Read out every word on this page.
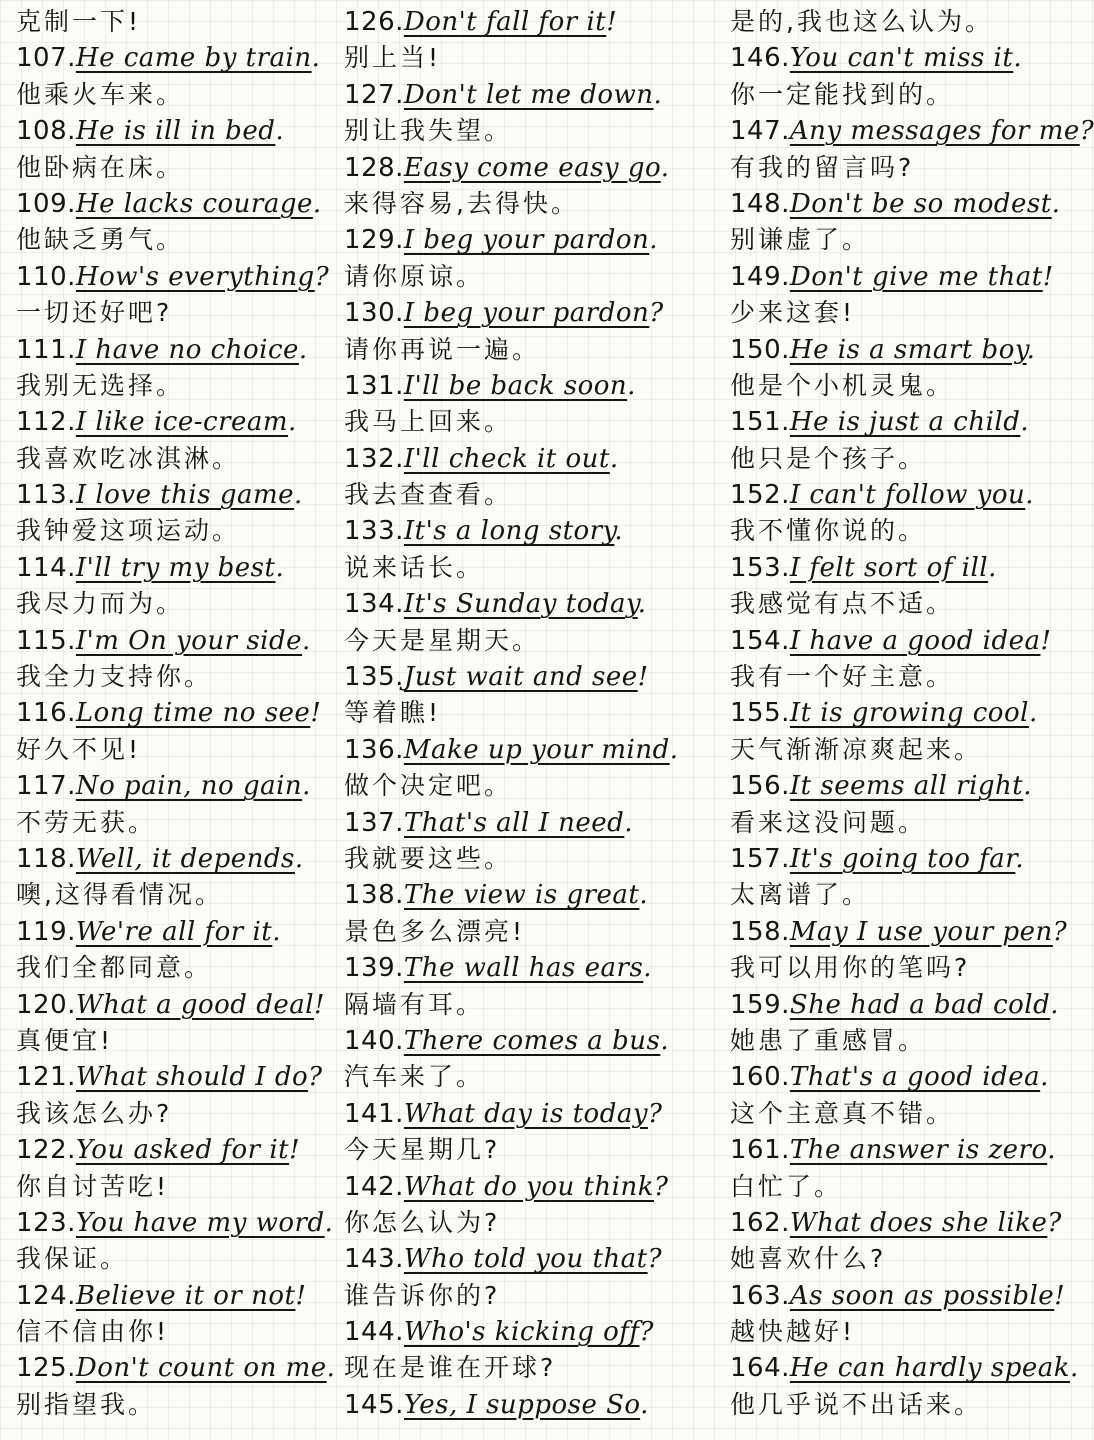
克制一下!
107.He came by train.
他乘火车来。
108.He is ill in bed.
他卧病在床。
109.He lacks courage.
他缺乏勇气。
110.How's everything?
一切还好吧?
111.I have no choice.
我别无选择。
112.I like ice-cream.
我喜欢吃冰淇淋。
113.I love this game.
我钟爱这项运动。
114.I'll try my best.
我尽力而为。
115.I'm On your side.
我全力支持你。
116.Long time no see!
好久不见!
117.No pain, no gain.
不劳无获。
118.Well, it depends.
噢,这得看情况。
119.We're all for it.
我们全都同意。
120.What a good deal!
真便宜!
121.What should I do?
我该怎么办?
122.You asked for it!
你自讨苦吃!
123.You have my word.
我保证。
124.Believe it or not!
信不信由你!
125.Don't count on me.
别指望我。
126.Don't fall for it!
别上当!
127.Don't let me down.
别让我失望。
128.Easy come easy go.
来得容易,去得快。
129.I beg your pardon.
请你原谅。
130.I beg your pardon?
请你再说一遍。
131.I'll be back soon.
我马上回来。
132.I'll check it out.
我去查查看。
133.It's a long story.
说来话长。
134.It's Sunday today.
今天是星期天。
135.Just wait and see!
等着瞧!
136.Make up your mind.
做个决定吧。
137.That's all I need.
我就要这些。
138.The view is great.
景色多么漂亮!
139.The wall has ears.
隔墙有耳。
140.There comes a bus.
汽车来了。
141.What day is today?
今天星期几?
142.What do you think?
你怎么认为?
143.Who told you that?
谁告诉你的?
144.Who's kicking off?
现在是谁在开球?
145.Yes, I suppose So.
是的,我也这么认为。
146.You can't miss it.
你一定能找到的。
147.Any messages for me?
有我的留言吗?
148.Don't be so modest.
别谦虚了。
149.Don't give me that!
少来这套!
150.He is a smart boy.
他是个小机灵鬼。
151.He is just a child.
他只是个孩子。
152.I can't follow you.
我不懂你说的。
153.I felt sort of ill.
我感觉有点不适。
154.I have a good idea!
我有一个好主意。
155.It is growing cool.
天气渐渐凉爽起来。
156.It seems all right.
看来这没问题。
157.It's going too far.
太离谱了。
158.May I use your pen?
我可以用你的笔吗?
159.She had a bad cold.
她患了重感冒。
160.That's a good idea.
这个主意真不错。
161.The answer is zero.
白忙了。
162.What does she like?
她喜欢什么?
163.As soon as possible!
越快越好!
164.He can hardly speak.
他几乎说不出话来。
